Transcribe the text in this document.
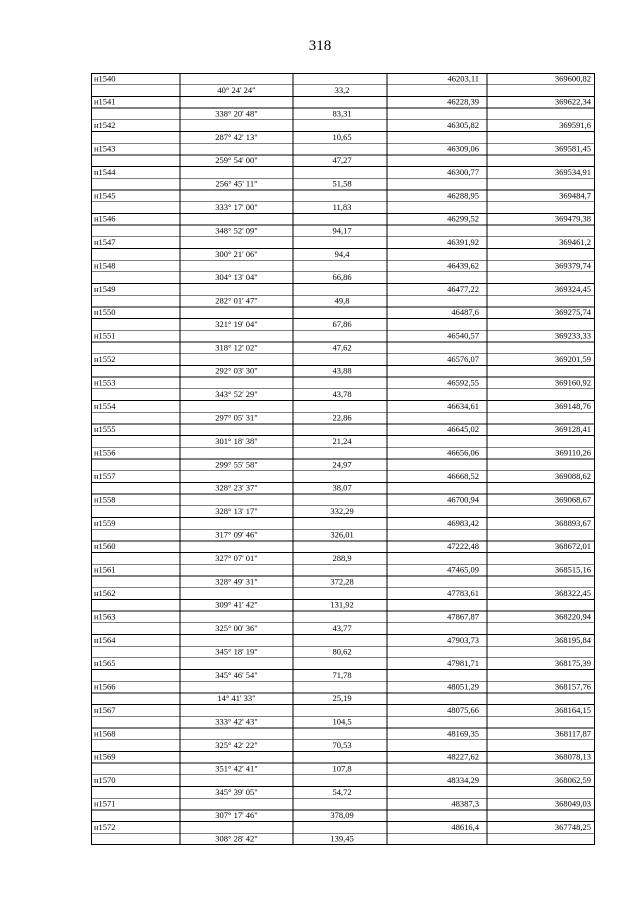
318
н1540	46203,11	369600,82
40° 24' 24"	33,2
н1541	46228,39	369622,34
338° 20' 48"	83,31
н1542	46305,82	369591,6
287° 42' 13"	10,65
н1543	46309,06	369581,45
259° 54' 00"	47,27
н1544	46300,77	369534,91
256° 45' 11"	51,58
н1545	46288,95	369484,7
333° 17' 00"	11,83
н1546	46299,52	369479,38
348° 52' 09"	94,17
н1547	46391,92	369461,2
300° 21' 06"	94,4
н1548	46439,62	369379,74
304° 13' 04"	66,86
н1549	46477,22	369324,45
282° 01' 47"	49,8
н1550	46487,6	369275,74
321° 19' 04"	67,86
н1551	46540,57	369233,33
318° 12' 02"	47,62
н1552	46576,07	369201,59
292° 03' 30"	43,88
н1553	46592,55	369160,92
343° 52' 29"	43,78
н1554	46634,61	369148,76
297° 05' 31"	22,86
н1555	46645,02	369128,41
301° 18' 38"	21,24
н1556	46656,06	369110,26
299° 55' 58"	24,97
н1557	46668,52	369088,62
328° 23' 37"	38,07
н1558	46700,94	369068,67
328° 13' 17"	332,29
н1559	46983,42	368893,67
317° 09' 46"	326,01
н1560	47222,48	368672,01
327° 07' 01"	288,9
н1561	47465,09	368515,16
328° 49' 31"	372,28
н1562	47783,61	368322,45
309° 41' 42"	131,92
н1563	47867,87	368220,94
325° 00' 36"	43,77
н1564	47903,73	368195,84
345° 18' 19"	80,62
н1565	47981,71	368175,39
345° 46' 54"	71,78
н1566	48051,29	368157,76
14° 41' 33"	25,19
н1567	48075,66	368164,15
333° 42' 43"	104,5
н1568	48169,35	368117,87
325° 42' 22"	70,53
н1569	48227,62	368078,13
351° 42' 41"	107,8
н1570	48334,29	368062,59
345° 39' 05"	54,72
н1571	48387,3	368049,03
307° 17' 46"	378,09
н1572	48616,4	367748,25
308° 28' 42"	139,45
